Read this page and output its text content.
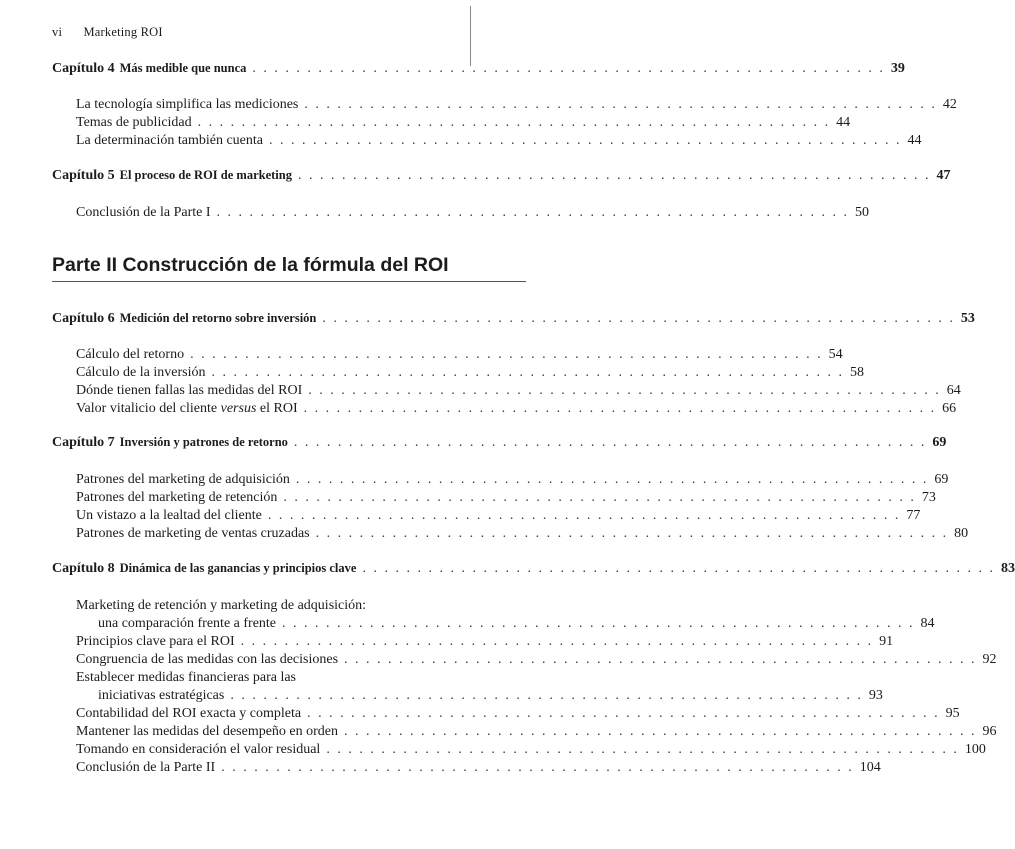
vi Marketing ROI
Capítulo 4 Más medible que nunca . . . . . . . . . . . . . . . . . . . . . . . . . . . . . . . . . . . . . . . . . . . . . . . . . . . . . . . . . . 39
La tecnología simplifica las mediciones . . . . . . . . . . . . . . . . . . . . . . . . . . . . . . . . . . . . . . . . . . . . . . . . . . . . . . . . . . 42
Temas de publicidad . . . . . . . . . . . . . . . . . . . . . . . . . . . . . . . . . . . . . . . . . . . . . . . . . . . . . . . . . . 44
La determinación también cuenta . . . . . . . . . . . . . . . . . . . . . . . . . . . . . . . . . . . . . . . . . . . . . . . . . . . . . . . . . . 44
Capítulo 5 El proceso de ROI de marketing . . . . . . . . . . . . . . . . . . . . . . . . . . . . . . . . . . . . . . . . . . . . . . . . . . . . . . . . . . 47
Conclusión de la Parte I . . . . . . . . . . . . . . . . . . . . . . . . . . . . . . . . . . . . . . . . . . . . . . . . . . . . . . . . . . 50
Parte II Construcción de la fórmula del ROI
Capítulo 6 Medición del retorno sobre inversión . . . . . . . . . . . . . . . . . . . . . . . . . . . . . . . . . . . . . . . . . . . . . . . . . . . . . . . . . . 53
Cálculo del retorno . . . . . . . . . . . . . . . . . . . . . . . . . . . . . . . . . . . . . . . . . . . . . . . . . . . . . . . . . . 54
Cálculo de la inversión . . . . . . . . . . . . . . . . . . . . . . . . . . . . . . . . . . . . . . . . . . . . . . . . . . . . . . . . . . 58
Dónde tienen fallas las medidas del ROI . . . . . . . . . . . . . . . . . . . . . . . . . . . . . . . . . . . . . . . . . . . . . . . . . . . . . . . . . . 64
Valor vitalicio del cliente versus el ROI . . . . . . . . . . . . . . . . . . . . . . . . . . . . . . . . . . . . . . . . . . . . . . . . . . . . . . . . . . 66
Capítulo 7 Inversión y patrones de retorno . . . . . . . . . . . . . . . . . . . . . . . . . . . . . . . . . . . . . . . . . . . . . . . . . . . . . . . . . . 69
Patrones del marketing de adquisición . . . . . . . . . . . . . . . . . . . . . . . . . . . . . . . . . . . . . . . . . . . . . . . . . . . . . . . . . . 69
Patrones del marketing de retención . . . . . . . . . . . . . . . . . . . . . . . . . . . . . . . . . . . . . . . . . . . . . . . . . . . . . . . . . . 73
Un vistazo a la lealtad del cliente . . . . . . . . . . . . . . . . . . . . . . . . . . . . . . . . . . . . . . . . . . . . . . . . . . . . . . . . . . 77
Patrones de marketing de ventas cruzadas . . . . . . . . . . . . . . . . . . . . . . . . . . . . . . . . . . . . . . . . . . . . . . . . . . . . . . . . . . 80
Capítulo 8 Dinámica de las ganancias y principios clave . . . . . . . . . . . . . . . . . . . . . . . . . . . . . . . . . . . . . . . . . . . . . . . . . . . . . . . . . . 83
Marketing de retención y marketing de adquisición:
una comparación frente a frente . . . . . . . . . . . . . . . . . . . . . . . . . . . . . . . . . . . . . . . . . . . . . . . . . . . . . . . . . . 84
Principios clave para el ROI . . . . . . . . . . . . . . . . . . . . . . . . . . . . . . . . . . . . . . . . . . . . . . . . . . . . . . . . . . 91
Congruencia de las medidas con las decisiones . . . . . . . . . . . . . . . . . . . . . . . . . . . . . . . . . . . . . . . . . . . . . . . . . . . . . . . . . . 92
Establecer medidas financieras para las
iniciativas estratégicas . . . . . . . . . . . . . . . . . . . . . . . . . . . . . . . . . . . . . . . . . . . . . . . . . . . . . . . . . . 93
Contabilidad del ROI exacta y completa . . . . . . . . . . . . . . . . . . . . . . . . . . . . . . . . . . . . . . . . . . . . . . . . . . . . . . . . . . 95
Mantener las medidas del desempeño en orden . . . . . . . . . . . . . . . . . . . . . . . . . . . . . . . . . . . . . . . . . . . . . . . . . . . . . . . . . . 96
Tomando en consideración el valor residual . . . . . . . . . . . . . . . . . . . . . . . . . . . . . . . . . . . . . . . . . . . . . . . . . . . . . . . . . . 100
Conclusión de la Parte II . . . . . . . . . . . . . . . . . . . . . . . . . . . . . . . . . . . . . . . . . . . . . . . . . . . . . . . . . . 104
